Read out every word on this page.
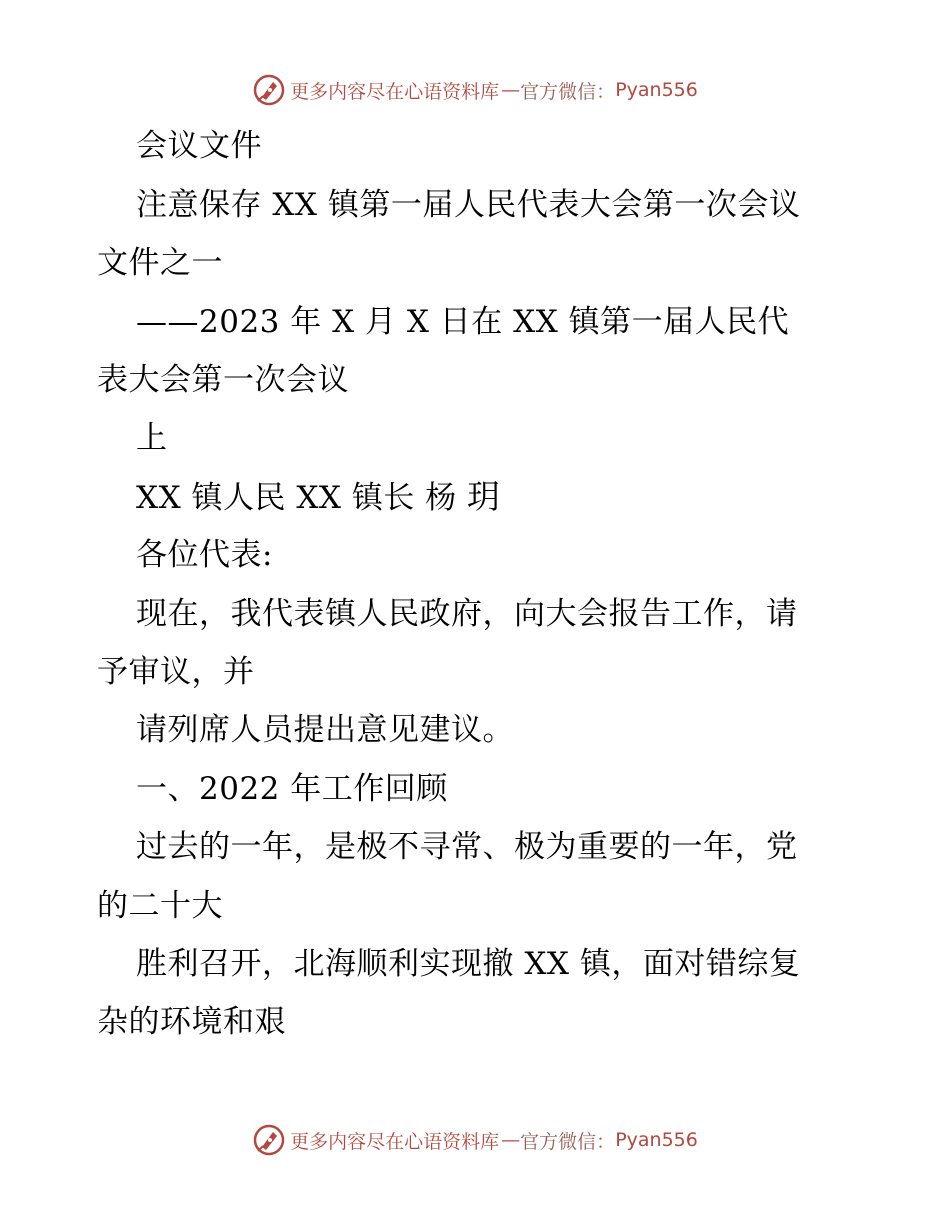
更多内容尽在心语资料库 — 官方微信： Pyan556
会议文件
注意保存 XX 镇第一届人民代表大会第一次会议
文件之一
——2023 年 X 月 X 日在 XX 镇第一届人民代
表大会第一次会议
上
XX 镇人民 XX 镇长 杨 玥
各位代表:
现在，我代表镇人民政府，向大会报告工作，请
予审议，并
请列席人员提出意见建议。
一、2022 年工作回顾
过去的一年，是极不寻常、极为重要的一年，党
的二十大
胜利召开，北海顺利实现撤 XX 镇，面对错综复
杂的环境和艰
更多内容尽在心语资料库 — 官方微信： Pyan556
